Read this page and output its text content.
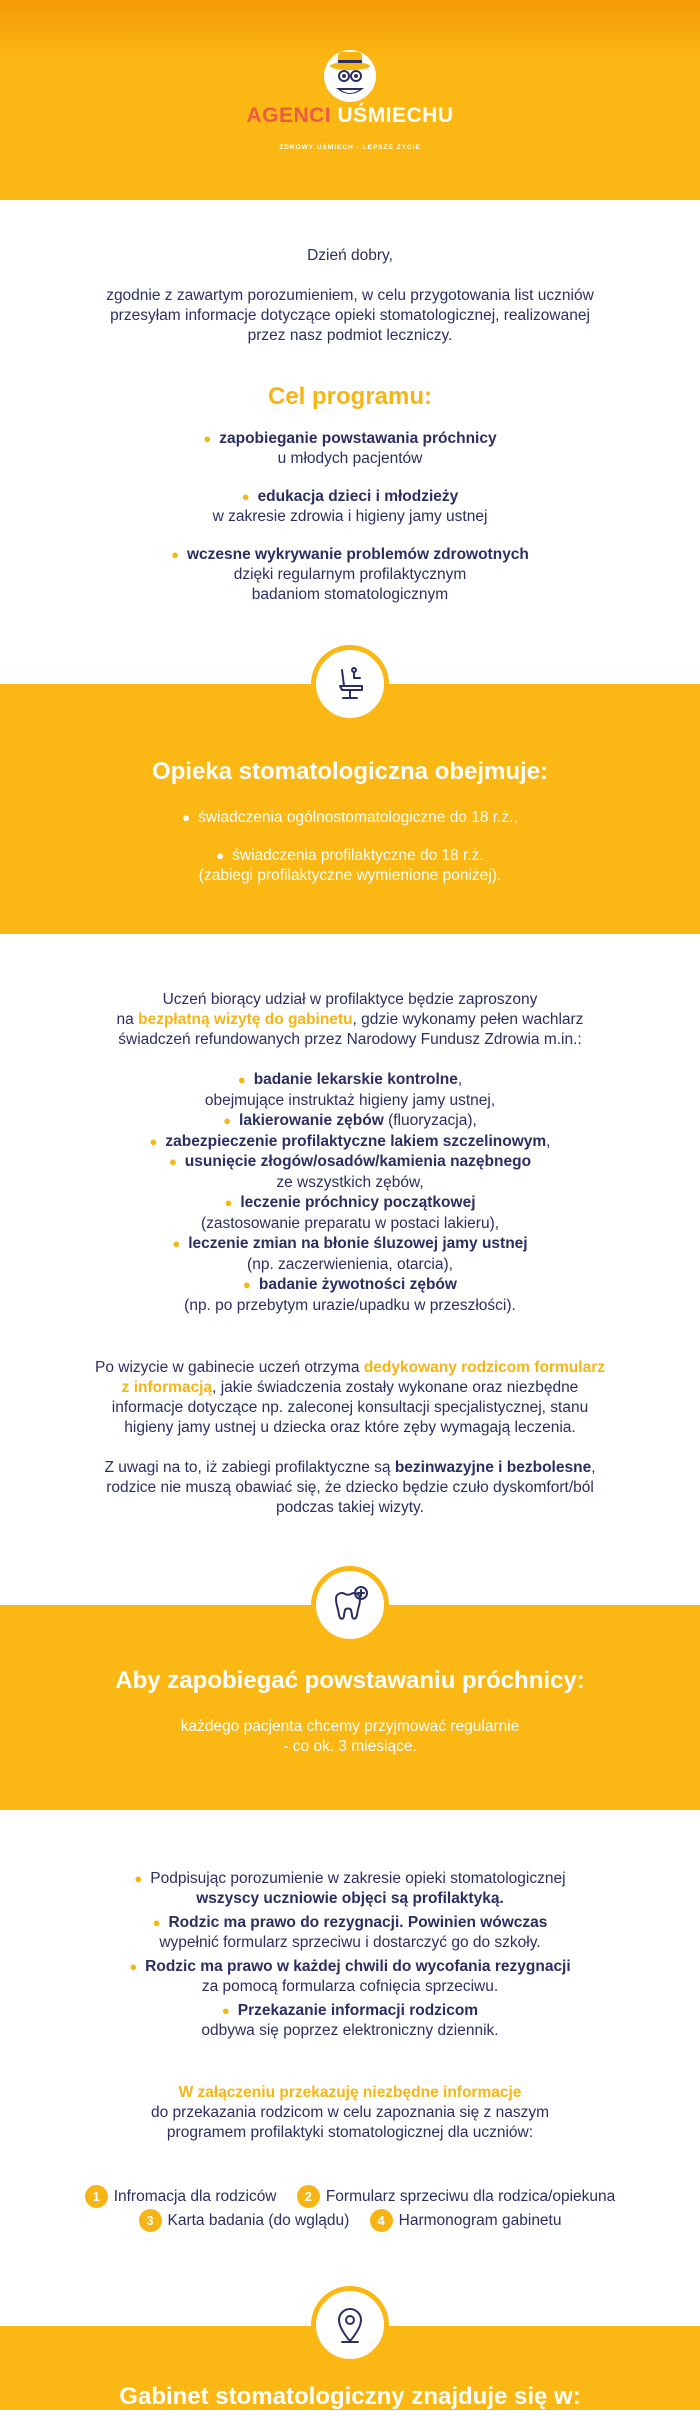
AGENCI UŚMIECHU
ZDROWY UŚMIECH - LEPSZE ŻYCIE
Dzień dobry,
zgodnie z zawartym porozumieniem, w celu przygotowania list uczniów
przesyłam informacje dotyczące opieki stomatologicznej, realizowanej
przez nasz podmiot leczniczy.
Cel programu:
● zapobieganie powstawania próchnicy
u młodych pacjentów
● edukacja dzieci i młodzieży
w zakresie zdrowia i higieny jamy ustnej
● wczesne wykrywanie problemów zdrowotnych
dzięki regularnym profilaktycznym
badaniom stomatologicznym
Opieka stomatologiczna obejmuje:
● świadczenia ogólnostomatologiczne do 18 r.ż.,
● świadczenia profilaktyczne do 18 r.ż.
(zabiegi profilaktyczne wymienione poniżej).
Uczeń biorący udział w profilaktyce będzie zaproszony
na bezpłatną wizytę do gabinetu, gdzie wykonamy pełen wachlarz
świadczeń refundowanych przez Narodowy Fundusz Zdrowia m.in.:
● badanie lekarskie kontrolne,
obejmujące instruktaż higieny jamy ustnej,
● lakierowanie zębów (fluoryzacja),
● zabezpieczenie profilaktyczne lakiem szczelinowym,
● usunięcie złogów/osadów/kamienia nazębnego
ze wszystkich zębów,
● leczenie próchnicy początkowej
(zastosowanie preparatu w postaci lakieru),
● leczenie zmian na błonie śluzowej jamy ustnej
(np. zaczerwienienia, otarcia),
● badanie żywotności zębów
(np. po przebytym urazie/upadku w przeszłości).
Po wizycie w gabinecie uczeń otrzyma dedykowany rodzicom formularz
z informacją, jakie świadczenia zostały wykonane oraz niezbędne
informacje dotyczące np. zaleconej konsultacji specjalistycznej, stanu
higieny jamy ustnej u dziecka oraz które zęby wymagają leczenia.
Z uwagi na to, iż zabiegi profilaktyczne są bezinwazyjne i bezbolesne,
rodzice nie muszą obawiać się, że dziecko będzie czuło dyskomfort/ból
podczas takiej wizyty.
Aby zapobiegać powstawaniu próchnicy:
każdego pacjenta chcemy przyjmować regularnie
- co ok. 3 miesiące.
● Podpisując porozumienie w zakresie opieki stomatologicznej
wszyscy uczniowie objęci są profilaktyką.
● Rodzic ma prawo do rezygnacji. Powinien wówczas
wypełnić formularz sprzeciwu i dostarczyć go do szkoły.
● Rodzic ma prawo w każdej chwili do wycofania rezygnacji
za pomocą formularza cofnięcia sprzeciwu.
● Przekazanie informacji rodzicom
odbywa się poprzez elektroniczny dziennik.
W załączeniu przekazuję niezbędne informacje
do przekazania rodzicom w celu zapoznania się z naszym
programem profilaktyki stomatologicznej dla uczniów:
1 Infromacja dla rodziców 2 Formularz sprzeciwu dla rodzica/opiekuna
3 Karta badania (do wglądu) 4 Harmonogram gabinetu
Gabinet stomatologiczny znajduje się w:
